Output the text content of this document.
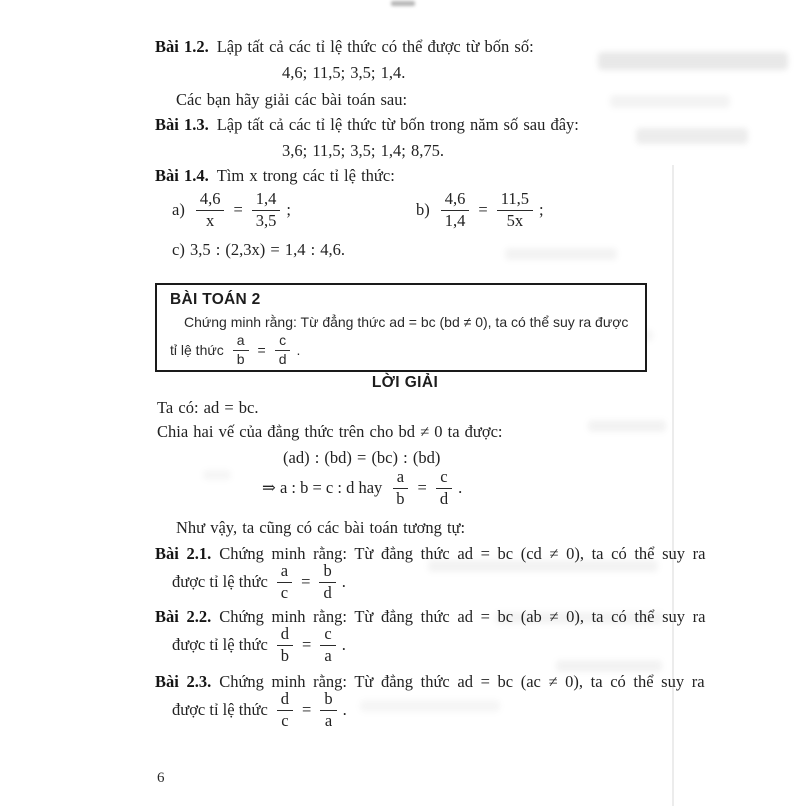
Bài 1.2. Lập tất cả các tỉ lệ thức có thể được từ bốn số:
4,6; 11,5; 3,5; 1,4.
Các bạn hãy giải các bài toán sau:
Bài 1.3. Lập tất cả các tỉ lệ thức từ bốn trong năm số sau đây:
3,6; 11,5; 3,5; 1,4; 8,75.
Bài 1.4. Tìm x trong các tỉ lệ thức:
$a) \frac{4,6}{x} = \frac{1,4}{3,5}$ ;	$b) \frac{4,6}{1,4} = \frac{11,5}{5x}$ ;
c) 3,5 : (2,3x) = 1,4 : 4,6.
BÀI TOÁN 2
Chứng minh rằng: Từ đẳng thức ad = bc (bd ≠ 0), ta có thể suy ra được
tỉ lệ thức $\frac{a}{b} = \frac{c}{d}$ .
LỜI GIẢI
Ta có: ad = bc.
Chia hai vế của đẳng thức trên cho bd ≠ 0 ta được:
(ad) : (bd) = (bc) : (bd)
⇒ a : b = c : d hay $\frac{a}{b} = \frac{c}{d}$ .
Như vậy, ta cũng có các bài toán tương tự:
Bài 2.1. Chứng minh rằng: Từ đẳng thức ad = bc (cd ≠ 0), ta có thể suy ra
được tỉ lệ thức $\frac{a}{c} = \frac{b}{d}$ .
Bài 2.2. Chứng minh rằng: Từ đẳng thức ad = bc (ab ≠ 0), ta có thể suy ra
được tỉ lệ thức $\frac{d}{b} = \frac{c}{a}$ .
Bài 2.3. Chứng minh rằng: Từ đẳng thức ad = bc (ac ≠ 0), ta có thể suy ra
được tỉ lệ thức $\frac{d}{c} = \frac{b}{a}$ .
6
